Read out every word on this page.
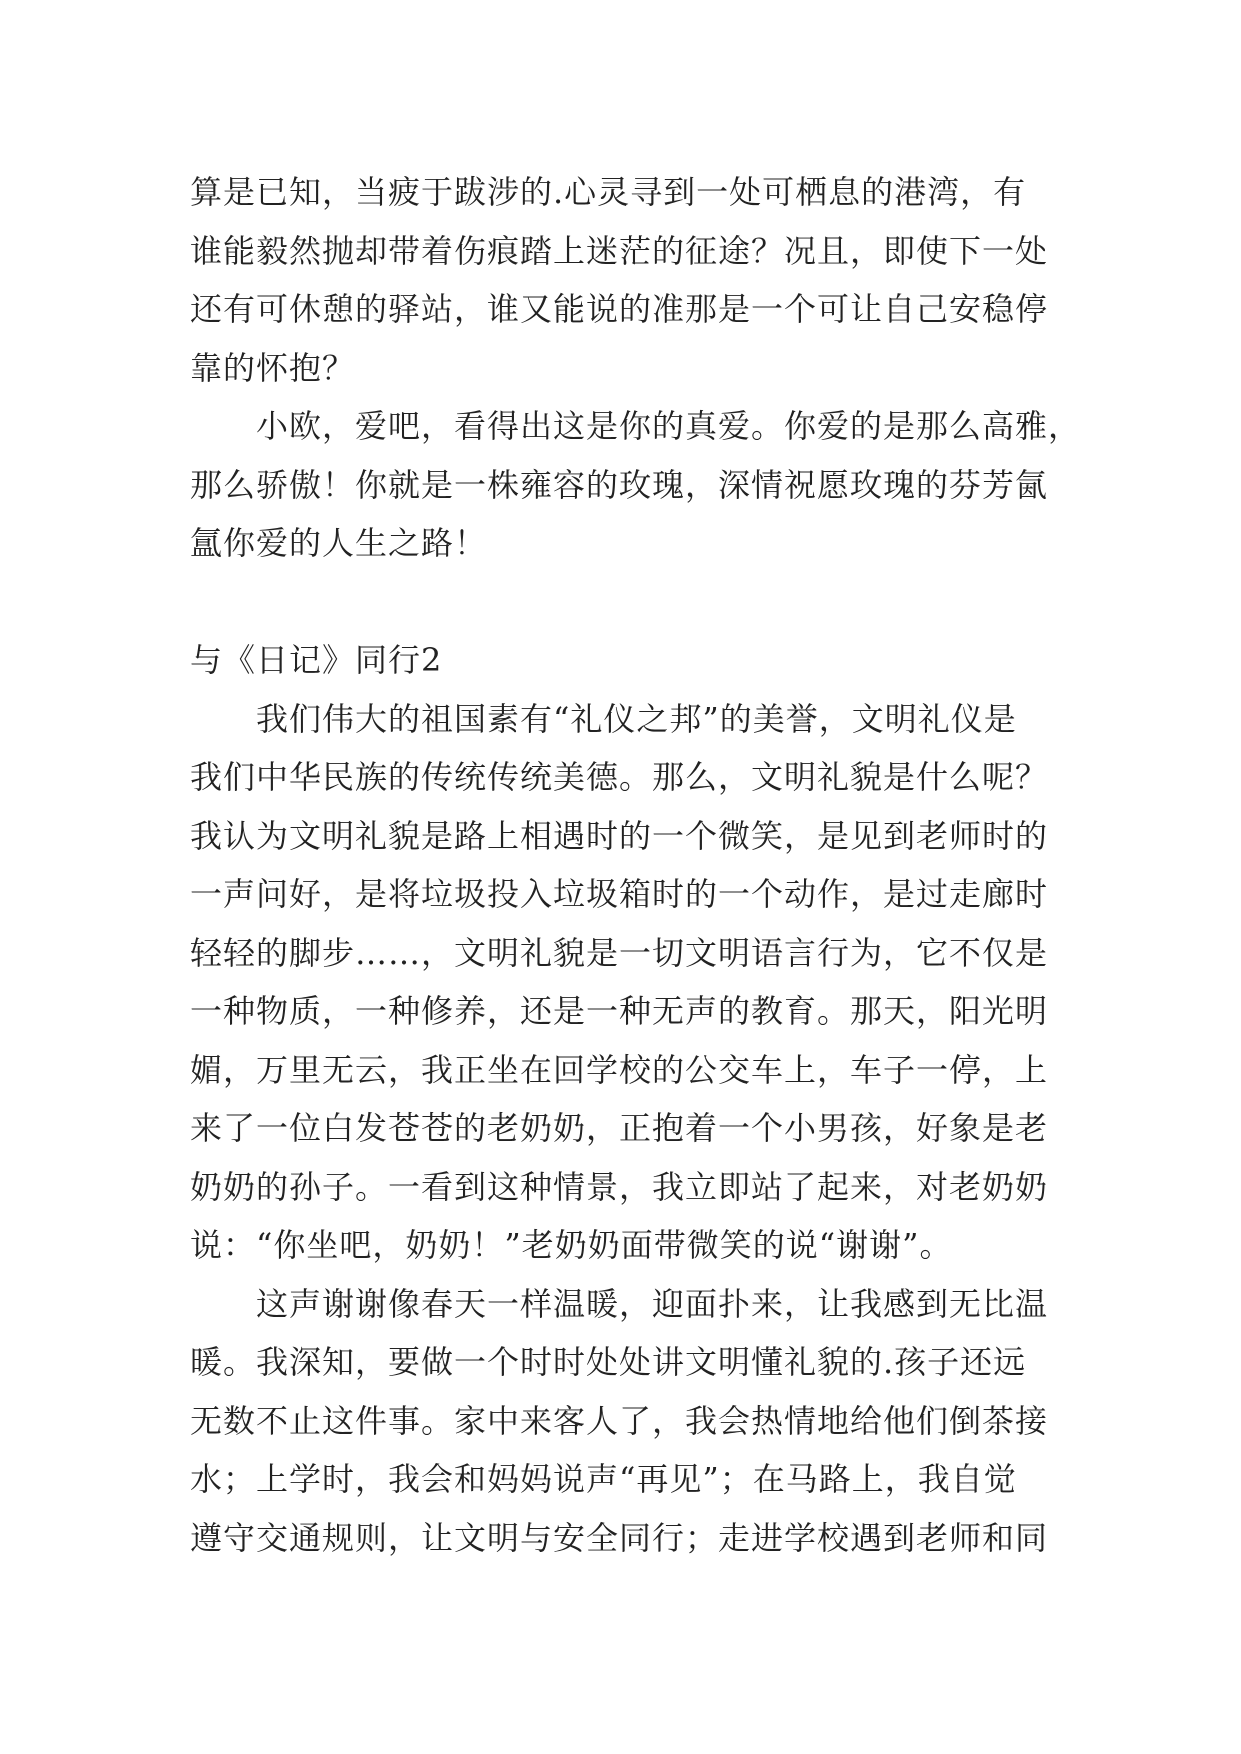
算是已知，当疲于跋涉的.心灵寻到一处可栖息的港湾，有
谁能毅然抛却带着伤痕踏上迷茫的征途？况且，即使下一处
还有可休憩的驿站，谁又能说的准那是一个可让自己安稳停
靠的怀抱？
小欧，爱吧，看得出这是你的真爱。你爱的是那么高雅，
那么骄傲！你就是一株雍容的玫瑰，深情祝愿玫瑰的芬芳氤
氲你爱的人生之路！
与《日记》同行2
我们伟大的祖国素有“礼仪之邦”的美誉，文明礼仪是
我们中华民族的传统传统美德。那么，文明礼貌是什么呢？
我认为文明礼貌是路上相遇时的一个微笑，是见到老师时的
一声问好，是将垃圾投入垃圾箱时的一个动作，是过走廊时
轻轻的脚步……，文明礼貌是一切文明语言行为，它不仅是
一种物质，一种修养，还是一种无声的教育。那天，阳光明
媚，万里无云，我正坐在回学校的公交车上，车子一停，上
来了一位白发苍苍的老奶奶，正抱着一个小男孩，好象是老
奶奶的孙子。一看到这种情景，我立即站了起来，对老奶奶
说：“你坐吧，奶奶！”老奶奶面带微笑的说“谢谢”。
这声谢谢像春天一样温暖，迎面扑来，让我感到无比温
暖。我深知，要做一个时时处处讲文明懂礼貌的.孩子还远
无数不止这件事。家中来客人了，我会热情地给他们倒茶接
水；上学时，我会和妈妈说声“再见”；在马路上，我自觉
遵守交通规则，让文明与安全同行；走进学校遇到老师和同
